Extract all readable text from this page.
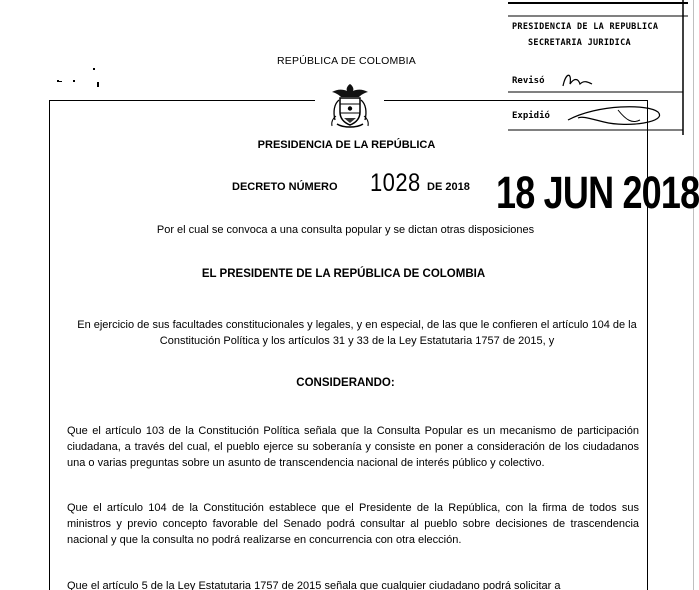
REPÚBLICA DE COLOMBIA
PRESIDENCIA DE LA REPÚBLICA
DECRETO NÚMERO 1028 DE 2018 18 JUN 2018
PRESIDENCIA DE LA REPUBLICA
SECRETARIA JURIDICA
Revisó
Expidió
Por el cual se convoca a una consulta popular y se dictan otras disposiciones
EL PRESIDENTE DE LA REPÚBLICA DE COLOMBIA
En ejercicio de sus facultades constitucionales y legales, y en especial, de las que le confieren el artículo 104 de la Constitución Política y los artículos 31 y 33 de la Ley Estatutaria 1757 de 2015, y
CONSIDERANDO:
Que el artículo 103 de la Constitución Política señala que la Consulta Popular es un mecanismo de participación ciudadana, a través del cual, el pueblo ejerce su soberanía y consiste en poner a consideración de los ciudadanos una o varias preguntas sobre un asunto de transcendencia nacional de interés público y colectivo.
Que el artículo 104 de la Constitución establece que el Presidente de la República, con la firma de todos sus ministros y previo concepto favorable del Senado podrá consultar al pueblo sobre decisiones de trascendencia nacional y que la consulta no podrá realizarse en concurrencia con otra elección.
Que el artículo 5 de la Ley Estatutaria 1757 de 2015 señala que cualquier ciudadano podrá solicitar a
